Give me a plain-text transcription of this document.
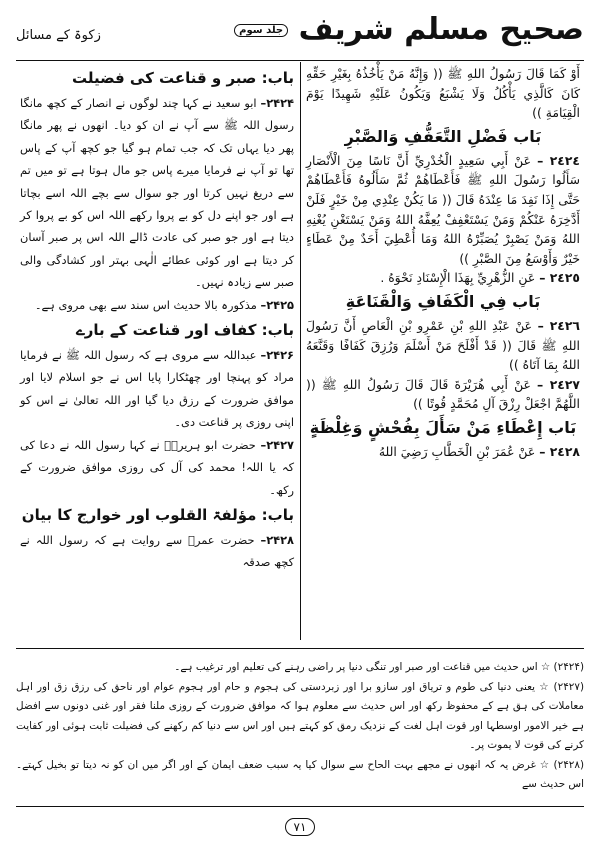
زکوۃ کے مسائل	صحیح مسلم شریف جلد سوم

أَوْ كَمَا قَالَ رَسُولُ اللهِ ﷺ (( وَإِنَّهُ مَنْ يَأْخُذُهُ بِغَيْرِ حَقِّهِ كَانَ كَالَّذِي يَأْكُلُ وَلَا يَشْبَعُ وَيَكُونُ عَلَيْهِ شَهِيدًا يَوْمَ الْقِيَامَةِ ))

بَاب فَضْلِ التَّعَفُّفِ وَالصَّبْرِ

٢٤٢٤ – عَنْ أَبِي سَعِيدٍ الْخُدْرِيِّ أَنَّ نَاسًا مِنَ الْأَنْصَارِ سَأَلُوا رَسُولَ اللهِ ﷺ فَأَعْطَاهُمْ ثُمَّ سَأَلُوهُ فَأَعْطَاهُمْ حَتَّى إِذَا نَفِدَ مَا عِنْدَهُ قَالَ (( مَا يَكُنْ عِنْدِي مِنْ خَيْرٍ فَلَنْ أَدَّخِرَهُ عَنْكُمْ وَمَنْ يَسْتَعْفِفْ يُعِفَّهُ اللهُ وَمَنْ يَسْتَغْنِ يُغْنِهِ اللهُ وَمَنْ يَصْبِرْ يُصَبِّرْهُ اللهُ وَمَا أُعْطِيَ أَحَدٌ مِنْ عَطَاءٍ خَيْرٌ وَأَوْسَعُ مِنَ الصَّبْرِ ))

٢٤٢٥ – عَنِ الزُّهْرِيِّ بِهَذَا الْإِسْنَادِ نَحْوَهُ .

بَاب فِي الْكَفَافِ وَالْقَنَاعَةِ

٢٤٢٦ – عَنْ عَبْدِ اللهِ بْنِ عَمْرِو بْنِ الْعَاصِ أَنَّ رَسُولَ اللهِ ﷺ قَالَ (( قَدْ أَفْلَحَ مَنْ أَسْلَمَ وَرُزِقَ كَفَافًا وَقَنَّعَهُ اللهُ بِمَا آتَاهُ ))

٢٤٢٧ – عَنْ أَبِي هُرَيْرَةَ قَالَ قَالَ رَسُولُ اللهِ ﷺ (( اللَّهُمَّ اجْعَلْ رِزْقَ آلِ مُحَمَّدٍ قُوتًا ))

بَاب إِعْطَاءِ مَنْ سَأَلَ بِفُحْشٍ وَغِلْظَةٍ

٢٤٢٨ – عَنْ عُمَرَ بْنِ الْخَطَّابِ رَضِيَ اللهُ

باب: صبر و قناعت کی فضیلت

۲۴۲۴– ابو سعید نے کہا چند لوگوں نے انصار کے کچھ مانگا رسول اللہ ﷺ سے آپ نے ان کو دیا۔ انھوں نے پھر مانگا پھر دیا یہاں تک کہ جب تمام ہو گیا جو کچھ آپ کے پاس تھا تو آپ نے فرمایا میرے پاس جو مال ہوتا ہے تو میں تم سے دریغ نہیں کرتا اور جو سوال سے بچے اللہ اسے بچاتا ہے اور جو اپنے دل کو بے پروا رکھے اللہ اس کو بے پروا کر دیتا ہے اور جو صبر کی عادت ڈالے اللہ اس پر صبر آسان کر دیتا ہے اور کوئی عطائے الٰہی بہتر اور کشادگی والی صبر سے زیادہ نہیں۔

۲۴۲۵– مذکورہ بالا حدیث اس سند سے بھی مروی ہے۔

باب: کفاف اور قناعت کے بارے

۲۴۲۶– عبداللہ سے مروی ہے کہ رسول اللہ ﷺ نے فرمایا مراد کو پہنچا اور چھٹکارا پایا اس نے جو اسلام لایا اور موافق ضرورت کے رزق دیا گیا اور اللہ تعالیٰ نے اس کو اپنی روزی پر قناعت دی۔

۲۴۲۷– حضرت ابو ہریرہؓ نے کہا رسول اللہ نے دعا کی کہ یا اللہ! محمد کی آل کی روزی موافق ضرورت کے رکھ۔

باب: مؤلفۃ القلوب اور خوارج کا بیان

۲۴۲۸– حضرت عمرؓ سے روایت ہے کہ رسول اللہ نے کچھ صدقہ

(۲۴۲۴) ☆ اس حدیث میں قناعت اور صبر اور تنگی دنیا پر راضی رہنے کی تعلیم اور ترغیب ہے۔

(۲۴۲۷) ☆ یعنی دنیا کی طوم و تریاق اور سازو برا اور زبردستی کی ہجوم و حام اور ہجوم عوام اور ناحق کی رزق زق اور اہل معاملات کی ہق ہے کے محفوظ رکھ اور اس حدیث سے معلوم ہوا کہ موافق ضرورت کے روزی ملنا فقر اور غنی دونوں سے افضل ہے خیر الامور اوسطہا اور قوت اہل لغت کے نزدیک رمق کو کہتے ہیں اور اس سے دنیا کم رکھنے کی فضیلت ثابت ہوئی اور کفایت کرنے کی قوت لا یموت پر۔

(۲۴۲۸) ☆ غرض یہ کہ انھوں نے مجھے بہت الحاح سے سوال کیا یہ سبب ضعف ایمان کے اور اگر میں ان کو نہ دیتا تو بخیل کہتے۔ اس حدیث سے

۷۱
